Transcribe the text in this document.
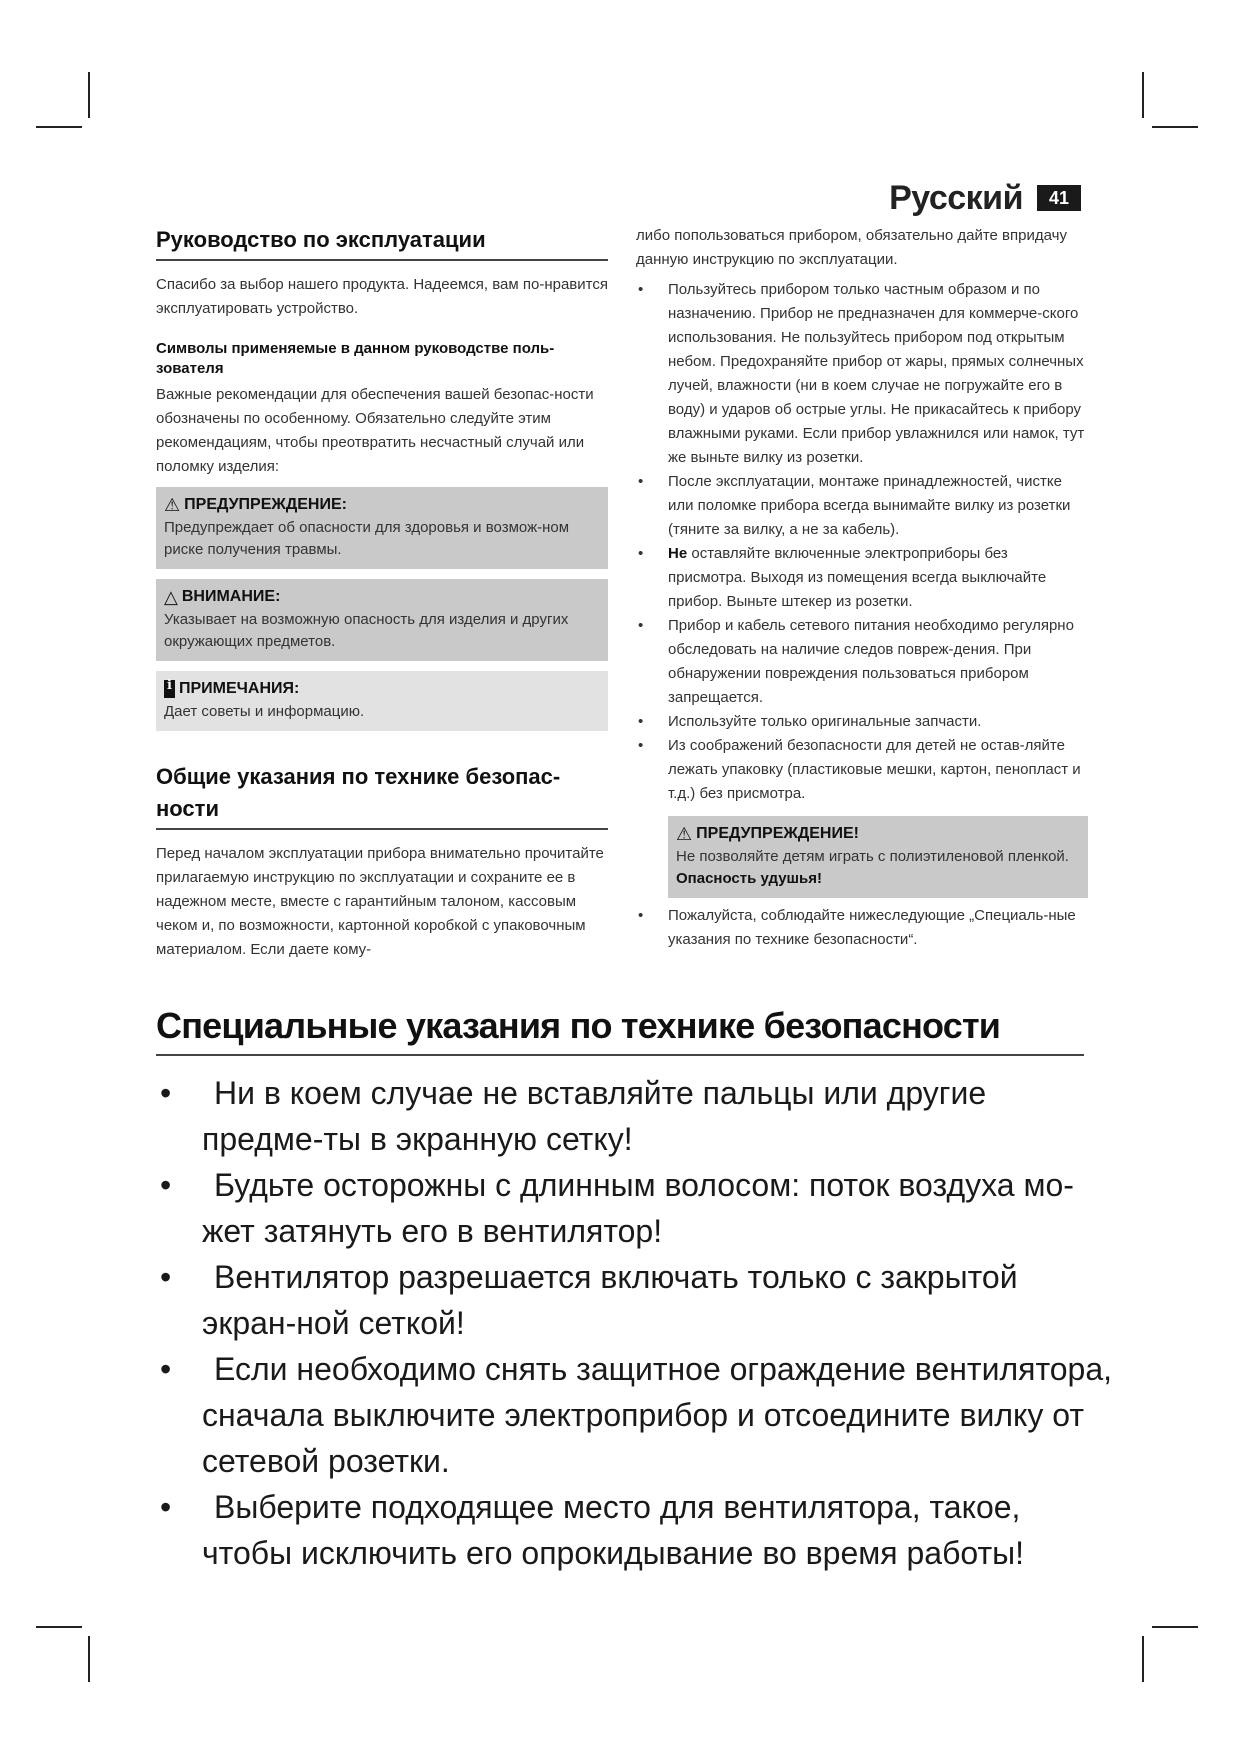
Русский	41
Руководство по эксплуатации

Спасибо за выбор нашего продукта. Надеемся, вам по-нравится эксплуатировать устройство.

Символы применяемые в данном руководстве поль-зователя

Важные рекомендации для обеспечения вашей безопас-ности обозначены по особенному. Обязательно следуйте этим рекомендациям, чтобы преотвратить несчастный случай или поломку изделия:

⚠ ПРЕДУПРЕЖДЕНИЕ:
Предупреждает об опасности для здоровья и возмож-ном риске получения травмы.
△ ВНИМАНИЕ:
Указывает на возможную опасность для изделия и других окружающих предметов.
i ПРИМЕЧАНИЯ:
Дает советы и информацию.
Общие указания по технике безопас-ности

Перед началом эксплуатации прибора внимательно прочитайте прилагаемую инструкцию по эксплуатации и сохраните ее в надежном месте, вместе с гарантийным талоном, кассовым чеком и, по возможности, картонной коробкой с упаковочным материалом. Если даете кому-

либо попользоваться прибором, обязательно дайте впридачу данную инструкцию по эксплуатации.

• Пользуйтесь прибором только частным образом и по назначению. Прибор не предназначен для коммерче-ского использования. Не пользуйтесь прибором под открытым небом. Предохраняйте прибор от жары, прямых солнечных лучей, влажности (ни в коем случае не погружайте его в воду) и ударов об острые углы. Не прикасайтесь к прибору влажными руками. Если прибор увлажнился или намок, тут же выньте вилку из розетки.
• После эксплуатации, монтаже принадлежностей, чистке или поломке прибора всегда вынимайте вилку из розетки (тяните за вилку, а не за кабель).
• Не оставляйте включенные электроприборы без присмотра. Выходя из помещения всегда выключайте прибор. Выньте штекер из розетки.
• Прибор и кабель сетевого питания необходимо регулярно обследовать на наличие следов повреж-дения. При обнаружении повреждения пользоваться прибором запрещается.
• Используйте только оригинальные запчасти.
• Из соображений безопасности для детей не остав-ляйте лежать упаковку (пластиковые мешки, картон, пенопласт и т.д.) без присмотра.
⚠ ПРЕДУПРЕЖДЕНИЕ!
Не позволяйте детям играть с полиэтиленовой пленкой. Опасность удушья!
• Пожалуйста, соблюдайте нижеследующие „Специаль-ные указания по технике безопасности“.
Специальные указания по технике безопасности
• Ни в коем случае не вставляйте пальцы или другие предме-ты в экранную сетку!
• Будьте осторожны с длинным волосом: поток воздуха мо-жет затянуть его в вентилятор!
• Вентилятор разрешается включать только с закрытой экран-ной сеткой!
• Если необходимо снять защитное ограждение вентилятора, сначала выключите электроприбор и отсоедините вилку от сетевой розетки.
• Выберите подходящее место для вентилятора, такое, чтобы исключить его опрокидывание во время работы!
